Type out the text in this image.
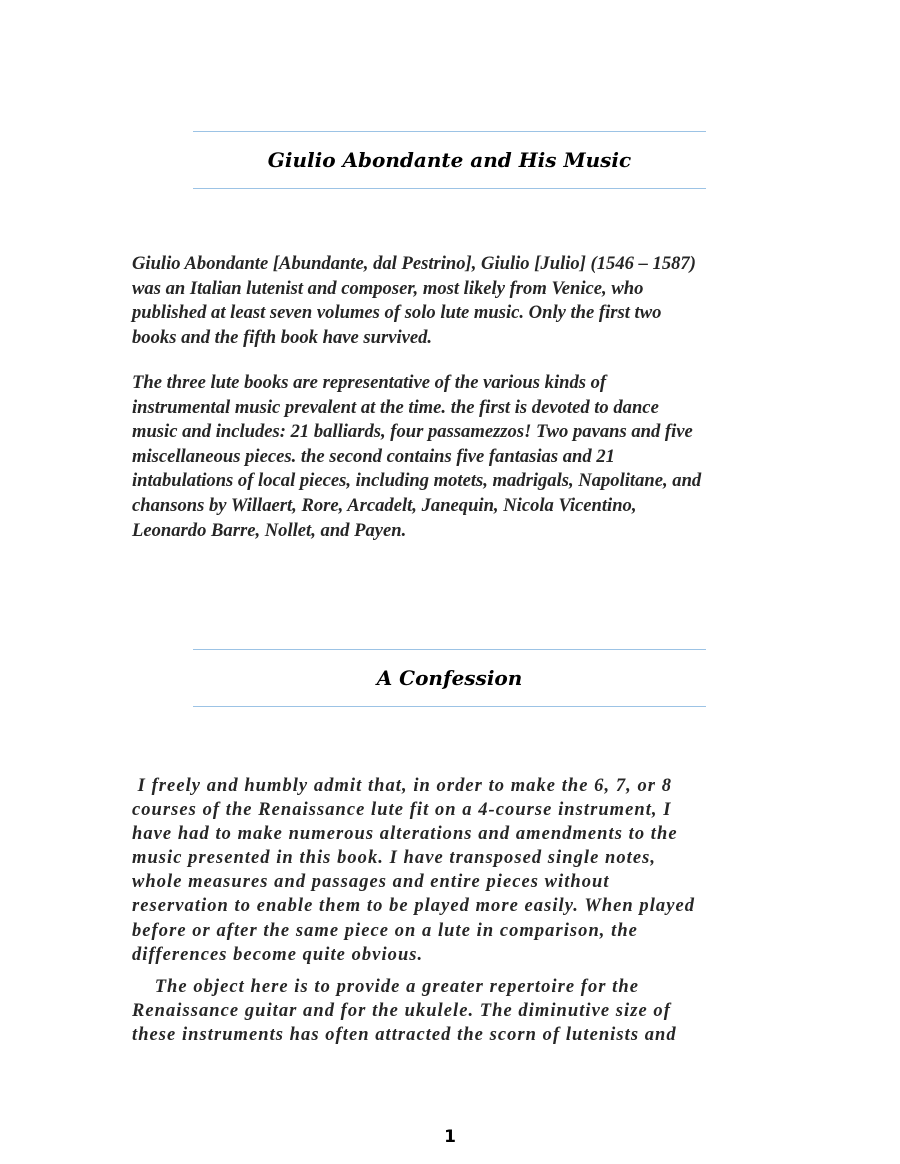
Giulio Abondante and His Music

Giulio Abondante [Abundante, dal Pestrino], Giulio [Julio] (1546 – 1587)
was an Italian lutenist and composer, most likely from Venice, who
published at least seven volumes of solo lute music. Only the first two
books and the fifth book have survived.

The three lute books are representative of the various kinds of
instrumental music prevalent at the time. the first is devoted to dance
music and includes: 21 balliards, four passamezzos! Two pavans and five
miscellaneous pieces. the second contains five fantasias and 21
intabulations of local pieces, including motets, madrigals, Napolitane, and
chansons by Willaert, Rore, Arcadelt, Janequin, Nicola Vicentino,
Leonardo Barre, Nollet, and Payen.

A Confession

I freely and humbly admit that, in order to make the 6, 7, or 8
courses of the Renaissance lute fit on a 4-course instrument, I
have had to make numerous alterations and amendments to the
music presented in this book. I have transposed single notes,
whole measures and passages and entire pieces without
reservation to enable them to be played more easily. When played
before or after the same piece on a lute in comparison, the
differences become quite obvious.

The object here is to provide a greater repertoire for the
Renaissance guitar and for the ukulele. The diminutive size of
these instruments has often attracted the scorn of lutenists and

1
